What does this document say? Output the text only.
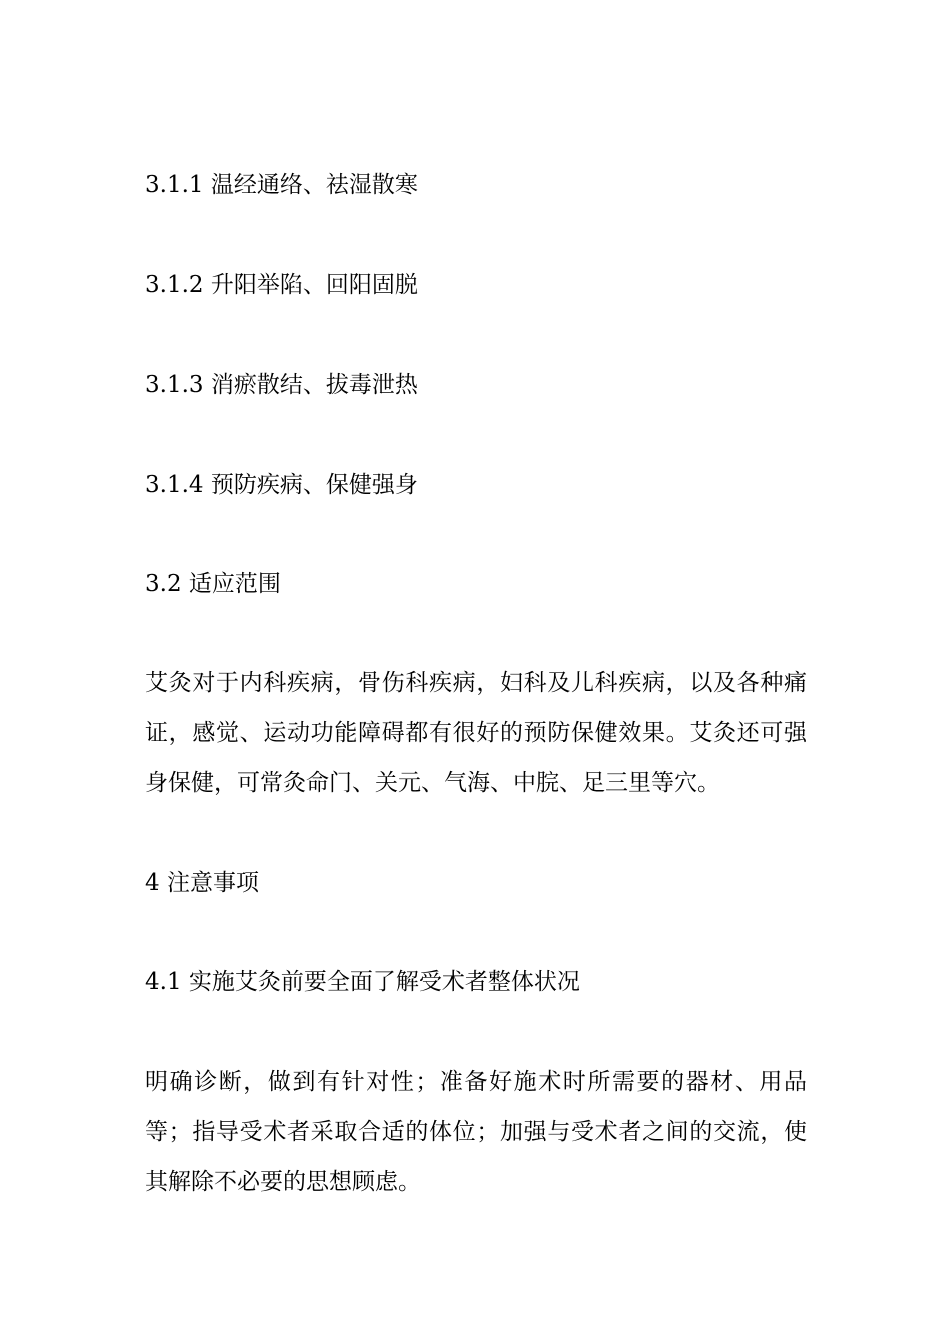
3.1.1 温经通络、祛湿散寒
3.1.2 升阳举陷、回阳固脱
3.1.3 消瘀散结、拔毒泄热
3.1.4 预防疾病、保健强身
3.2 适应范围
艾灸对于内科疾病，骨伤科疾病，妇科及儿科疾病，以及各种痛证，感觉、运动功能障碍都有很好的预防保健效果。艾灸还可强身保健，可常灸命门、关元、气海、中脘、足三里等穴。
4 注意事项
4.1 实施艾灸前要全面了解受术者整体状况
明确诊断，做到有针对性；准备好施术时所需要的器材、用品等；指导受术者采取合适的体位；加强与受术者之间的交流，使其解除不必要的思想顾虑。
